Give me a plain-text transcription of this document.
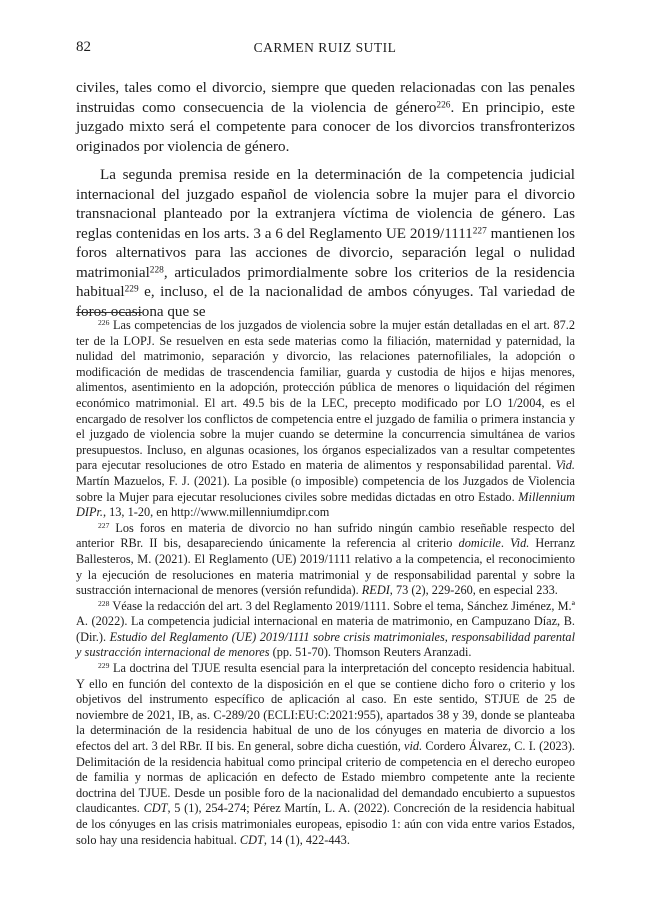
82	CARMEN RUIZ SUTIL

civiles, tales como el divorcio, siempre que queden relacionadas con las penales instruidas como consecuencia de la violencia de género$^{226}$. En principio, este juzgado mixto será el competente para conocer de los divorcios transfronterizos originados por violencia de género.

La segunda premisa reside en la determinación de la competencia judicial internacional del juzgado español de violencia sobre la mujer para el divorcio transnacional planteado por la extranjera víctima de violencia de género. Las reglas contenidas en los arts. 3 a 6 del Reglamento UE 2019/1111$^{227}$ mantienen los foros alternativos para las acciones de divorcio, separación legal o nulidad matrimonial$^{228}$, articulados primordialmente sobre los criterios de la residencia habitual$^{229}$ e, incluso, el de la nacionalidad de ambos cónyuges. Tal variedad de foros ocasiona que se

$^{226}$ Las competencias de los juzgados de violencia sobre la mujer están detalladas en el art. 87.2 ter de la LOPJ. Se resuelven en esta sede materias como la filiación, maternidad y paternidad, la nulidad del matrimonio, separación y divorcio, las relaciones paternofiliales, la adopción o modificación de medidas de trascendencia familiar, guarda y custodia de hijos e hijas menores, alimentos, asentimiento en la adopción, protección pública de menores o liquidación del régimen económico matrimonial. El art. 49.5 bis de la LEC, precepto modificado por LO 1/2004, es el encargado de resolver los conflictos de competencia entre el juzgado de familia o primera instancia y el juzgado de violencia sobre la mujer cuando se determine la concurrencia simultánea de varios presupuestos. Incluso, en algunas ocasiones, los órganos especializados van a resultar competentes para ejecutar resoluciones de otro Estado en materia de alimentos y responsabilidad parental. Vid. Martín Mazuelos, F. J. (2021). La posible (o imposible) competencia de los Juzgados de Violencia sobre la Mujer para ejecutar resoluciones civiles sobre medidas dictadas en otro Estado. Millennium DIPr., 13, 1-20, en http://www.millenniumdipr.com

$^{227}$ Los foros en materia de divorcio no han sufrido ningún cambio reseñable respecto del anterior RBr. II bis, desapareciendo únicamente la referencia al criterio domicile. Vid. Herranz Ballesteros, M. (2021). El Reglamento (UE) 2019/1111 relativo a la competencia, el reconocimiento y la ejecución de resoluciones en materia matrimonial y de responsabilidad parental y sobre la sustracción internacional de menores (versión refundida). REDI, 73 (2), 229-260, en especial 233.

$^{228}$ Véase la redacción del art. 3 del Reglamento 2019/1111. Sobre el tema, Sánchez Jiménez, M.ª A. (2022). La competencia judicial internacional en materia de matrimonio, en Campuzano Díaz, B. (Dir.). Estudio del Reglamento (UE) 2019/1111 sobre crisis matrimoniales, responsabilidad parental y sustracción internacional de menores (pp. 51-70). Thomson Reuters Aranzadi.

$^{229}$ La doctrina del TJUE resulta esencial para la interpretación del concepto residencia habitual. Y ello en función del contexto de la disposición en el que se contiene dicho foro o criterio y los objetivos del instrumento específico de aplicación al caso. En este sentido, STJUE de 25 de noviembre de 2021, IB, as. C-289/20 (ECLI:EU:C:2021:955), apartados 38 y 39, donde se planteaba la determinación de la residencia habitual de uno de los cónyuges en materia de divorcio a los efectos del art. 3 del RBr. II bis. En general, sobre dicha cuestión, vid. Cordero Álvarez, C. I. (2023). Delimitación de la residencia habitual como principal criterio de competencia en el derecho europeo de familia y normas de aplicación en defecto de Estado miembro competente ante la reciente doctrina del TJUE. Desde un posible foro de la nacionalidad del demandado encubierto a supuestos claudicantes. CDT, 5 (1), 254-274; Pérez Martín, L. A. (2022). Concreción de la residencia habitual de los cónyuges en las crisis matrimoniales europeas, episodio 1: aún con vida entre varios Estados, solo hay una residencia habitual. CDT, 14 (1), 422-443.
